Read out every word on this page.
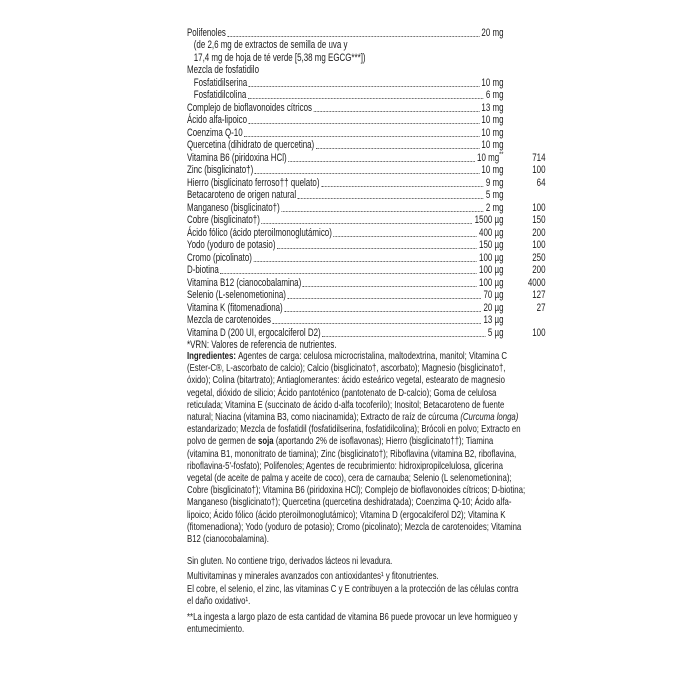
Polifenoles	20 mg
(de 2,6 mg de extractos de semilla de uva y
17,4 mg de hoja de té verde [5,38 mg EGCG***])
Mezcla de fosfatidilo
Fosfatidilserina	10 mg
Fosfatidilcolina	6 mg
Complejo de bioflavonoides cítricos	13 mg
Ácido alfa-lipoico	10 mg
Coenzima Q-10	10 mg
Quercetina (dihidrato de quercetina)	10 mg
Vitamina B6 (piridoxina HCl)	10 mg**	714
Zinc (bisglicinato†)	10 mg	100
Hierro (bisglicinato ferroso†† quelato)	9 mg	64
Betacaroteno de origen natural	5 mg
Manganeso (bisglicinato†)	2 mg	100
Cobre (bisglicinato†)	1500 µg	150
Ácido fólico (ácido pteroilmonoglutámico)	400 µg	200
Yodo (yoduro de potasio)	150 µg	100
Cromo (picolinato)	100 µg	250
D-biotina	100 µg	200
Vitamina B12 (cianocobalamina)	100 µg	4000
Selenio (L-selenometionina)	70 µg	127
Vitamina K (fitomenadiona)	20 µg	27
Mezcla de carotenoides	13 µg
Vitamina D (200 UI, ergocalciferol D2)	5 µg	100

*VRN: Valores de referencia de nutrientes.

Ingredientes: Agentes de carga: celulosa microcristalina, maltodextrina, manitol; Vitamina C (Ester-C®, L-ascorbato de calcio); Calcio (bisglicinato†, ascorbato); Magnesio (bisglicinato†, óxido); Colina (bitartrato); Antiaglomerantes: ácido esteárico vegetal, estearato de magnesio vegetal, dióxido de silicio; Ácido pantoténico (pantotenato de D-calcio); Goma de celulosa reticulada; Vitamina E (succinato de ácido d-alfa tocoferilo); Inositol; Betacaroteno de fuente natural; Niacina (vitamina B3, como niacinamida); Extracto de raíz de cúrcuma (Curcuma longa) estandarizado; Mezcla de fosfatidil (fosfatidilserina, fosfatidilcolina); Brócoli en polvo; Extracto en polvo de germen de soja (aportando 2% de isoflavonas); Hierro (bisglicinato††); Tiamina (vitamina B1, mononitrato de tiamina); Zinc (bisglicinato†); Riboflavina (vitamina B2, riboflavina, riboflavina-5'-fosfato); Polifenoles; Agentes de recubrimiento: hidroxipropilcelulosa, glicerina vegetal (de aceite de palma y aceite de coco), cera de carnauba; Selenio (L selenometionina); Cobre (bisglicinato†); Vitamina B6 (piridoxina HCl); Complejo de bioflavonoides cítricos; D-biotina; Manganeso (bisglicinato†); Quercetina (quercetina deshidratada); Coenzima Q-10; Ácido alfa-lipoico; Ácido fólico (ácido pteroilmonoglutámico); Vitamina D (ergocalciferol D2); Vitamina K (fitomenadiona); Yodo (yoduro de potasio); Cromo (picolinato); Mezcla de carotenoides; Vitamina B12 (cianocobalamina).

Sin gluten. No contiene trigo, derivados lácteos ni levadura.

Multivitaminas y minerales avanzados con antioxidantes¹ y fitonutrientes.

El cobre, el selenio, el zinc, las vitaminas C y E contribuyen a la protección de las células contra el daño oxidativo¹.

**La ingesta a largo plazo de esta cantidad de vitamina B6 puede provocar un leve hormigueo y entumecimiento.
